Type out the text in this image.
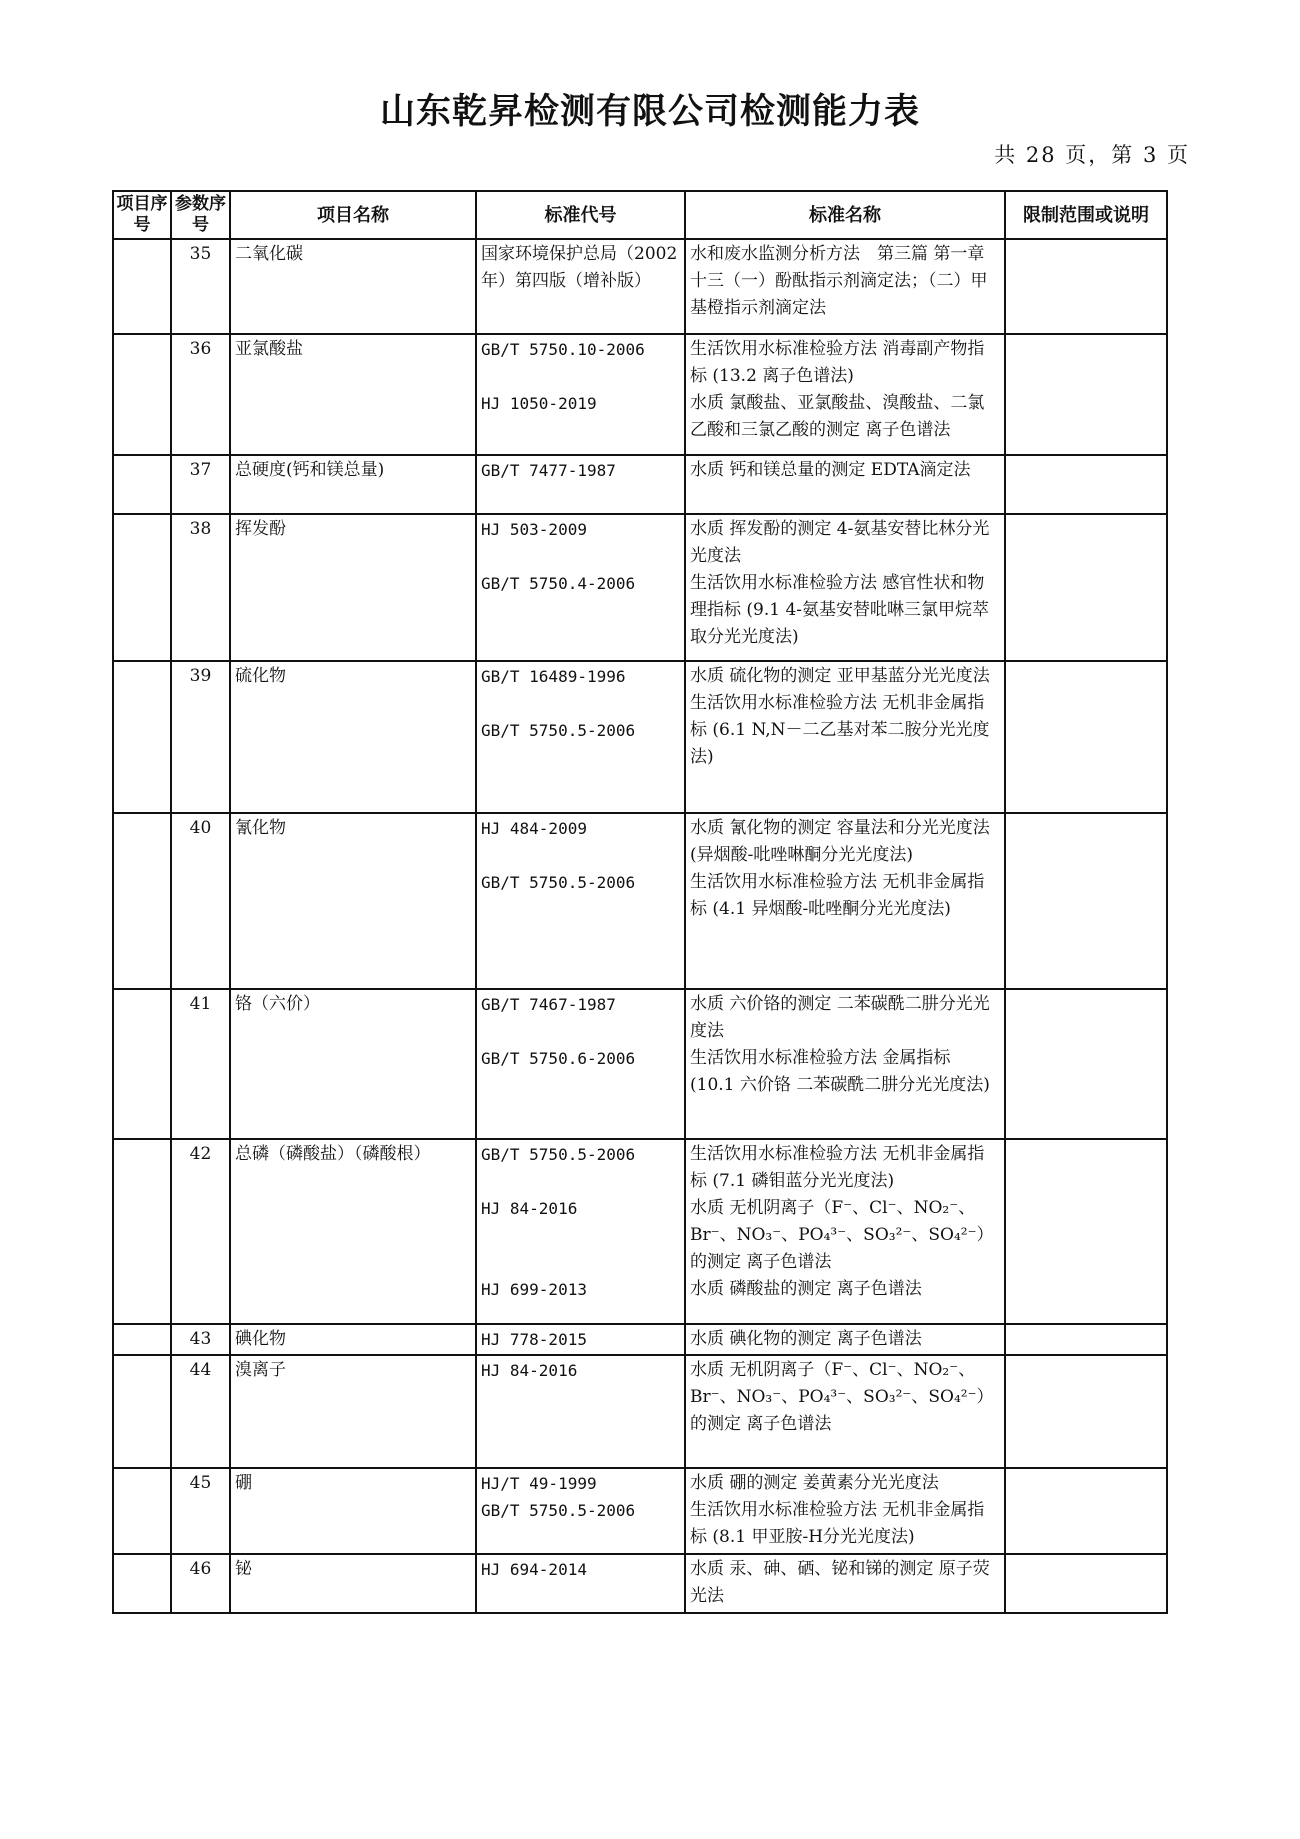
山东乾昇检测有限公司检测能力表
共 28 页，第 3 页
项目序号	参数序号	项目名称	标准代号	标准名称	限制范围或说明
	35	二氧化碳	国家环境保护总局（2002年）第四版（增补版）	水和废水监测分析方法　第三篇 第一章 十三（一）酚酞指示剂滴定法；（二）甲基橙指示剂滴定法	

	36	亚氯酸盐	GB/T 5750.10-2006
HJ 1050-2019	生活饮用水标准检验方法 消毒副产物指标 (13.2 离子色谱法)
水质 氯酸盐、亚氯酸盐、溴酸盐、二氯乙酸和三氯乙酸的测定 离子色谱法	

	37	总硬度(钙和镁总量)	GB/T 7477-1987	水质 钙和镁总量的测定 EDTA滴定法	

	38	挥发酚	HJ 503-2009
GB/T 5750.4-2006	水质 挥发酚的测定 4-氨基安替比林分光光度法
生活饮用水标准检验方法 感官性状和物理指标 (9.1 4-氨基安替吡啉三氯甲烷萃取分光光度法)	

	39	硫化物	GB/T 16489-1996
GB/T 5750.5-2006	水质 硫化物的测定 亚甲基蓝分光光度法
生活饮用水标准检验方法 无机非金属指标 (6.1 N,N－二乙基对苯二胺分光光度法)	

	40	氰化物	HJ 484-2009
GB/T 5750.5-2006	水质 氰化物的测定 容量法和分光光度法(异烟酸-吡唑啉酮分光光度法)
生活饮用水标准检验方法 无机非金属指标 (4.1 异烟酸-吡唑酮分光光度法)	

	41	铬（六价）	GB/T 7467-1987
GB/T 5750.6-2006	水质 六价铬的测定 二苯碳酰二肼分光光度法
生活饮用水标准检验方法 金属指标 (10.1 六价铬 二苯碳酰二肼分光光度法)	

	42	总磷（磷酸盐）（磷酸根）	GB/T 5750.5-2006
HJ 84-2016
HJ 699-2013	生活饮用水标准检验方法 无机非金属指标 (7.1 磷钼蓝分光光度法)
水质 无机阴离子（F⁻、Cl⁻、NO₂⁻、Br⁻、NO₃⁻、PO₄³⁻、SO₃²⁻、SO₄²⁻）的测定 离子色谱法
水质 磷酸盐的测定 离子色谱法	

	43	碘化物	HJ 778-2015	水质 碘化物的测定 离子色谱法	

	44	溴离子	HJ 84-2016	水质 无机阴离子（F⁻、Cl⁻、NO₂⁻、Br⁻、NO₃⁻、PO₄³⁻、SO₃²⁻、SO₄²⁻）的测定 离子色谱法	

	45	硼	HJ/T 49-1999
GB/T 5750.5-2006	水质 硼的测定 姜黄素分光光度法
生活饮用水标准检验方法 无机非金属指标 (8.1 甲亚胺-H分光光度法)	

	46	铋	HJ 694-2014	水质 汞、砷、硒、铋和锑的测定 原子荧光法	
